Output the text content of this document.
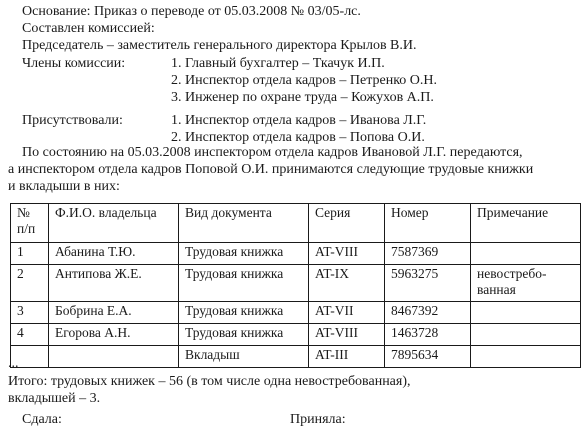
Основание: Приказ о переводе от 05.03.2008 № 03/05-лс.
Составлен комиссией:
Председатель – заместитель генерального директора Крылов В.И.
Члены комиссии:	1. Главный бухгалтер – Ткачук И.П.
2. Инспектор отдела кадров – Петренко О.Н.
3. Инженер по охране труда – Кожухов А.П.
Присутствовали:	1. Инспектор отдела кадров – Иванова Л.Г.
2. Инспектор отдела кадров – Попова О.И.
По состоянию на 05.03.2008 инспектором отдела кадров Ивановой Л.Г. передаются,
а инспектором отдела кадров Поповой О.И. принимаются следующие трудовые книжки
и вкладыши в них:
№
п/п	Ф.И.О. владельца	Вид документа	Серия	Номер	Примечание
1	Абанина Т.Ю.	Трудовая книжка	AT-VIII	7587369	
2	Антипова Ж.Е.	Трудовая книжка	AT-IX	5963275	невостребо-
ванная

3	Бобрина Е.А.	Трудовая книжка	AT-VII	8467392	
4	Егорова А.Н.	Трудовая книжка	AT-VIII	1463728	
		Вкладыш	AT-III	7895634	
...
Итого: трудовых книжек – 56 (в том числе одна невостребованная),
вкладышей – 3.
Сдала:	Приняла:
